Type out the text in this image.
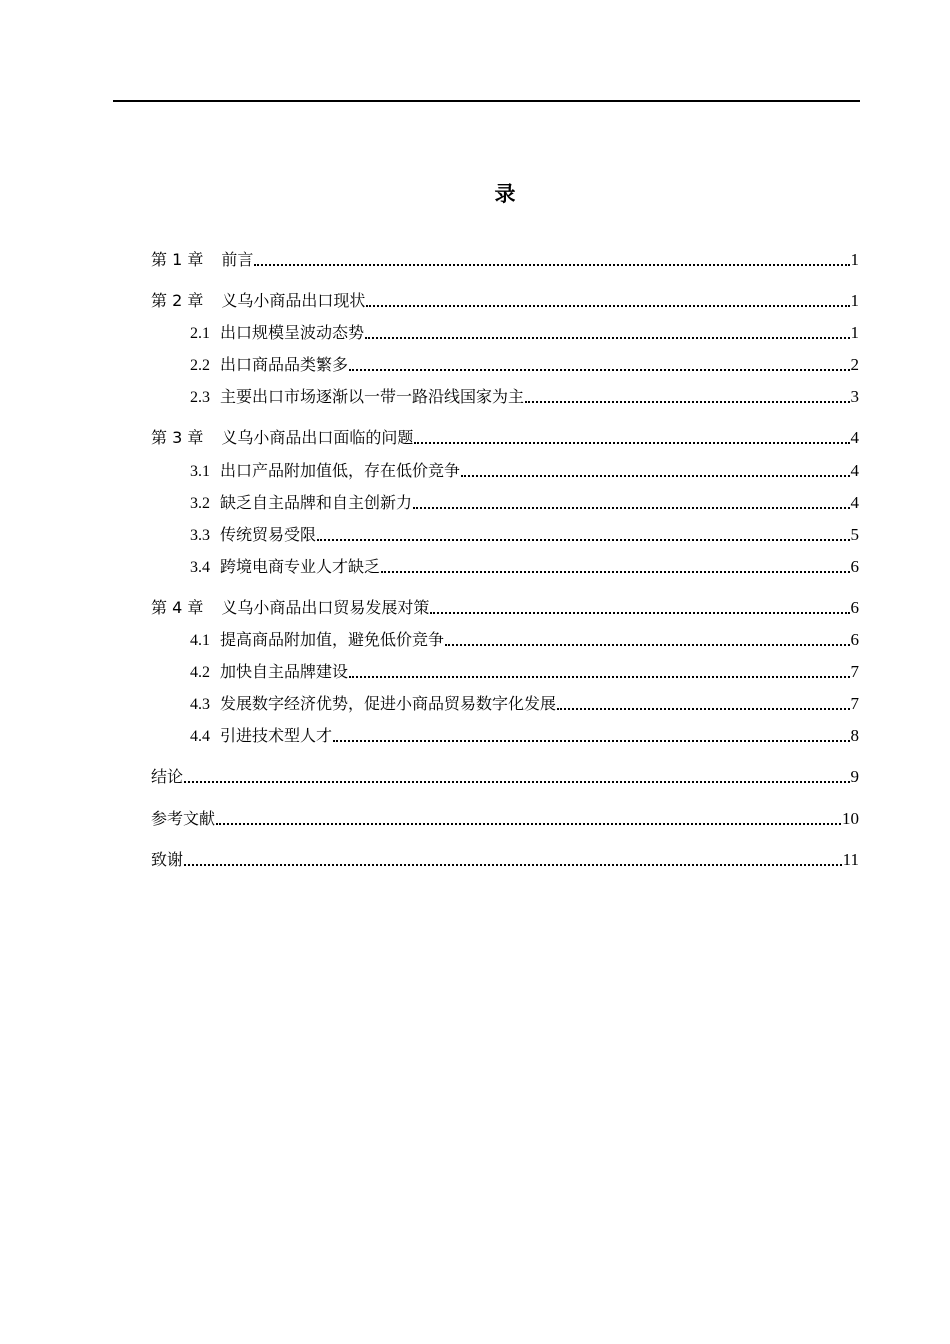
录
第 1 章 前言	1
第 2 章 义乌小商品出口现状	1
2.1 出口规模呈波动态势	1
2.2 出口商品品类繁多	2
2.3 主要出口市场逐渐以一带一路沿线国家为主	3
第 3 章 义乌小商品出口面临的问题	4
3.1 出口产品附加值低，存在低价竞争	4
3.2 缺乏自主品牌和自主创新力	4
3.3 传统贸易受限	5
3.4 跨境电商专业人才缺乏	6
第 4 章 义乌小商品出口贸易发展对策	6
4.1 提高商品附加值，避免低价竞争	6
4.2 加快自主品牌建设	7
4.3 发展数字经济优势，促进小商品贸易数字化发展	7
4.4 引进技术型人才	8
结论	9
参考文献	10
致谢	11
